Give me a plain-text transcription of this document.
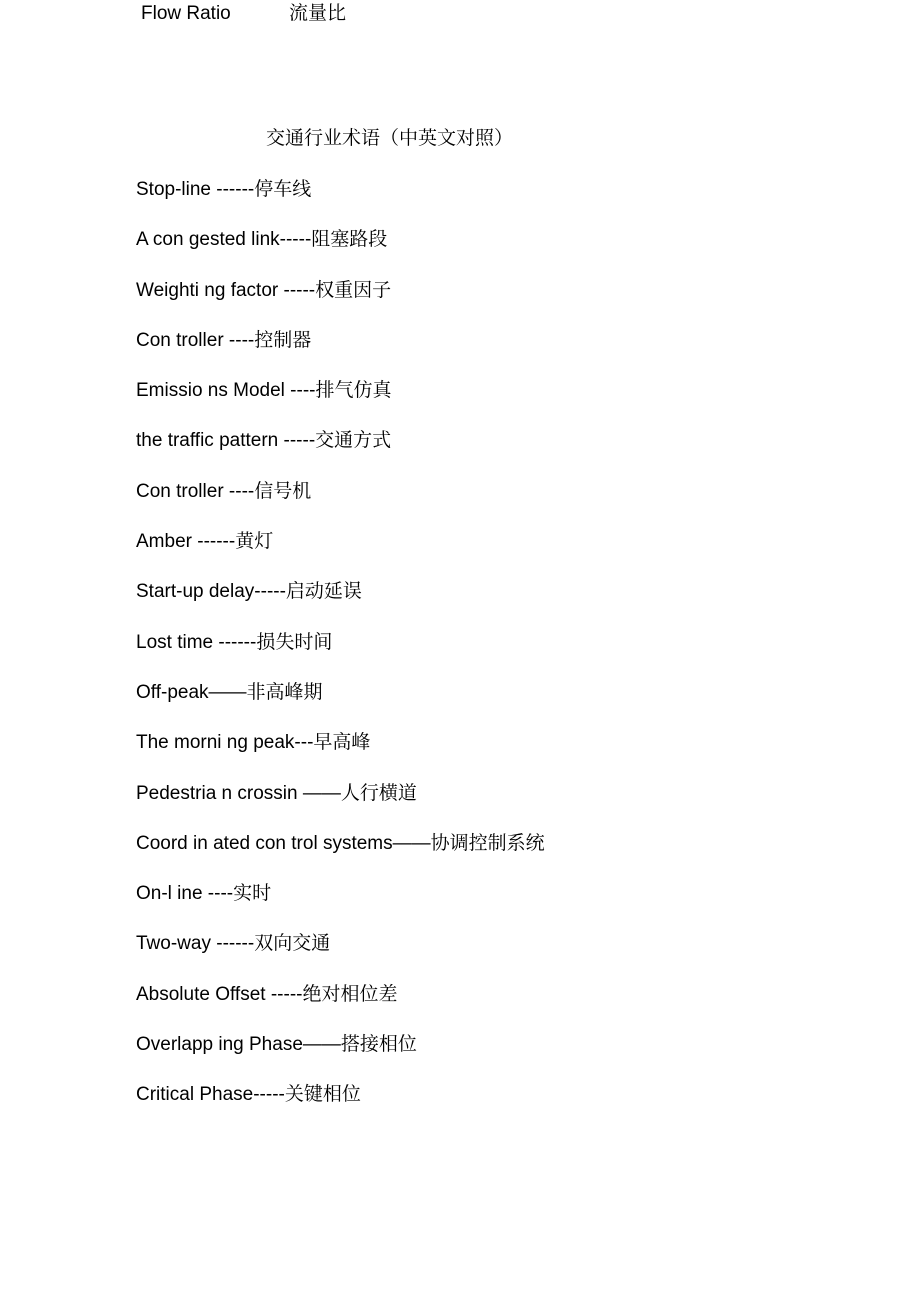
Flow Ratio	流量比
交通行业术语（中英文对照）
Stop-line ------停车线
A con gested link-----阻塞路段
Weighti ng factor -----权重因子
Con troller ----控制器
Emissio ns Model ----排气仿真
the traffic pattern -----交通方式
Con troller ----信号机
Amber ------黄灯
Start-up delay-----启动延误
Lost time ------损失时间
Off-peak——非高峰期
The morni ng peak---早高峰
Pedestria n crossin ——人行横道
Coord in ated con trol systems——协调控制系统
On-l ine ----实时
Two-way ------双向交通
Absolute Offset -----绝对相位差
Overlapp ing Phase——搭接相位
Critical Phase-----关键相位
